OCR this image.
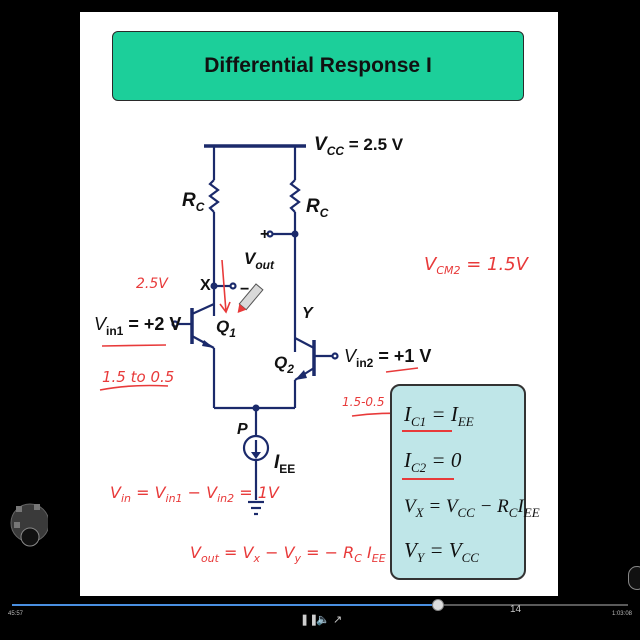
Differential Response I
$V_{CC} = 2.5$ V
$R_C$	$R_C$
+
−
$V_{out}$
X
Y
P
$V_{in1} = +2$ V
$V_{in2} = +1$ V
$Q_1$
$Q_2$
$I_{EE}$
2.5V
1.5 to 0.5
1.5-0.5
$V_{CM2} = 1.5V$
$V_{in} = V_{in1} - V_{in2} = 1V$
$V_{out} = V_x - V_y$ = − $R_C$ $I_{EE}$
$I_{C1} = I_{EE}$
$I_{C2} = 0$
$V_X = V_{CC} - R_CI_{EE}$
$V_Y = V_{CC}$
45:57	1:03:08
❚❚
🔈 ↗
14
